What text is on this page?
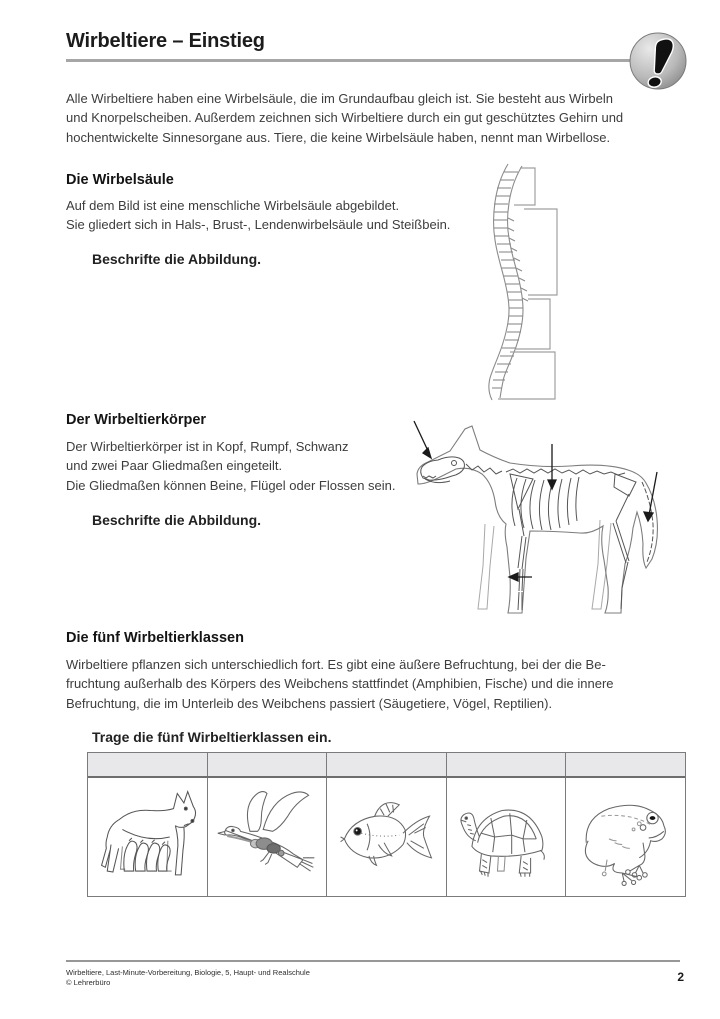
Wirbeltiere – Einstieg
Alle Wirbeltiere haben eine Wirbelsäule, die im Grundaufbau gleich ist. Sie besteht aus Wirbeln
und Knorpelscheiben. Außerdem zeichnen sich Wirbeltiere durch ein gut geschütztes Gehirn und
hochentwickelte Sinnesorgane aus. Tiere, die keine Wirbelsäule haben, nennt man Wirbellose.
Die Wirbelsäule
Auf dem Bild ist eine menschliche Wirbelsäule abgebildet.
Sie gliedert sich in Hals-, Brust-, Lendenwirbelsäule und Steißbein.
Beschrifte die Abbildung.
Der Wirbeltierkörper
Der Wirbeltierkörper ist in Kopf, Rumpf, Schwanz
und zwei Paar Gliedmaßen eingeteilt.
Die Gliedmaßen können Beine, Flügel oder Flossen sein.
Beschrifte die Abbildung.
Die fünf Wirbeltierklassen
Wirbeltiere pflanzen sich unterschiedlich fort. Es gibt eine äußere Befruchtung, bei der die Be-
fruchtung außerhalb des Körpers des Weibchens stattfindet (Amphibien, Fische) und die innere
Befruchtung, die im Unterleib des Weibchens passiert (Säugetiere, Vögel, Reptilien).
Trage die fünf Wirbeltierklassen ein.
Wirbeltiere, Last-Minute-Vorbereitung, Biologie, 5, Haupt- und Realschule
© Lehrerbüro	2
